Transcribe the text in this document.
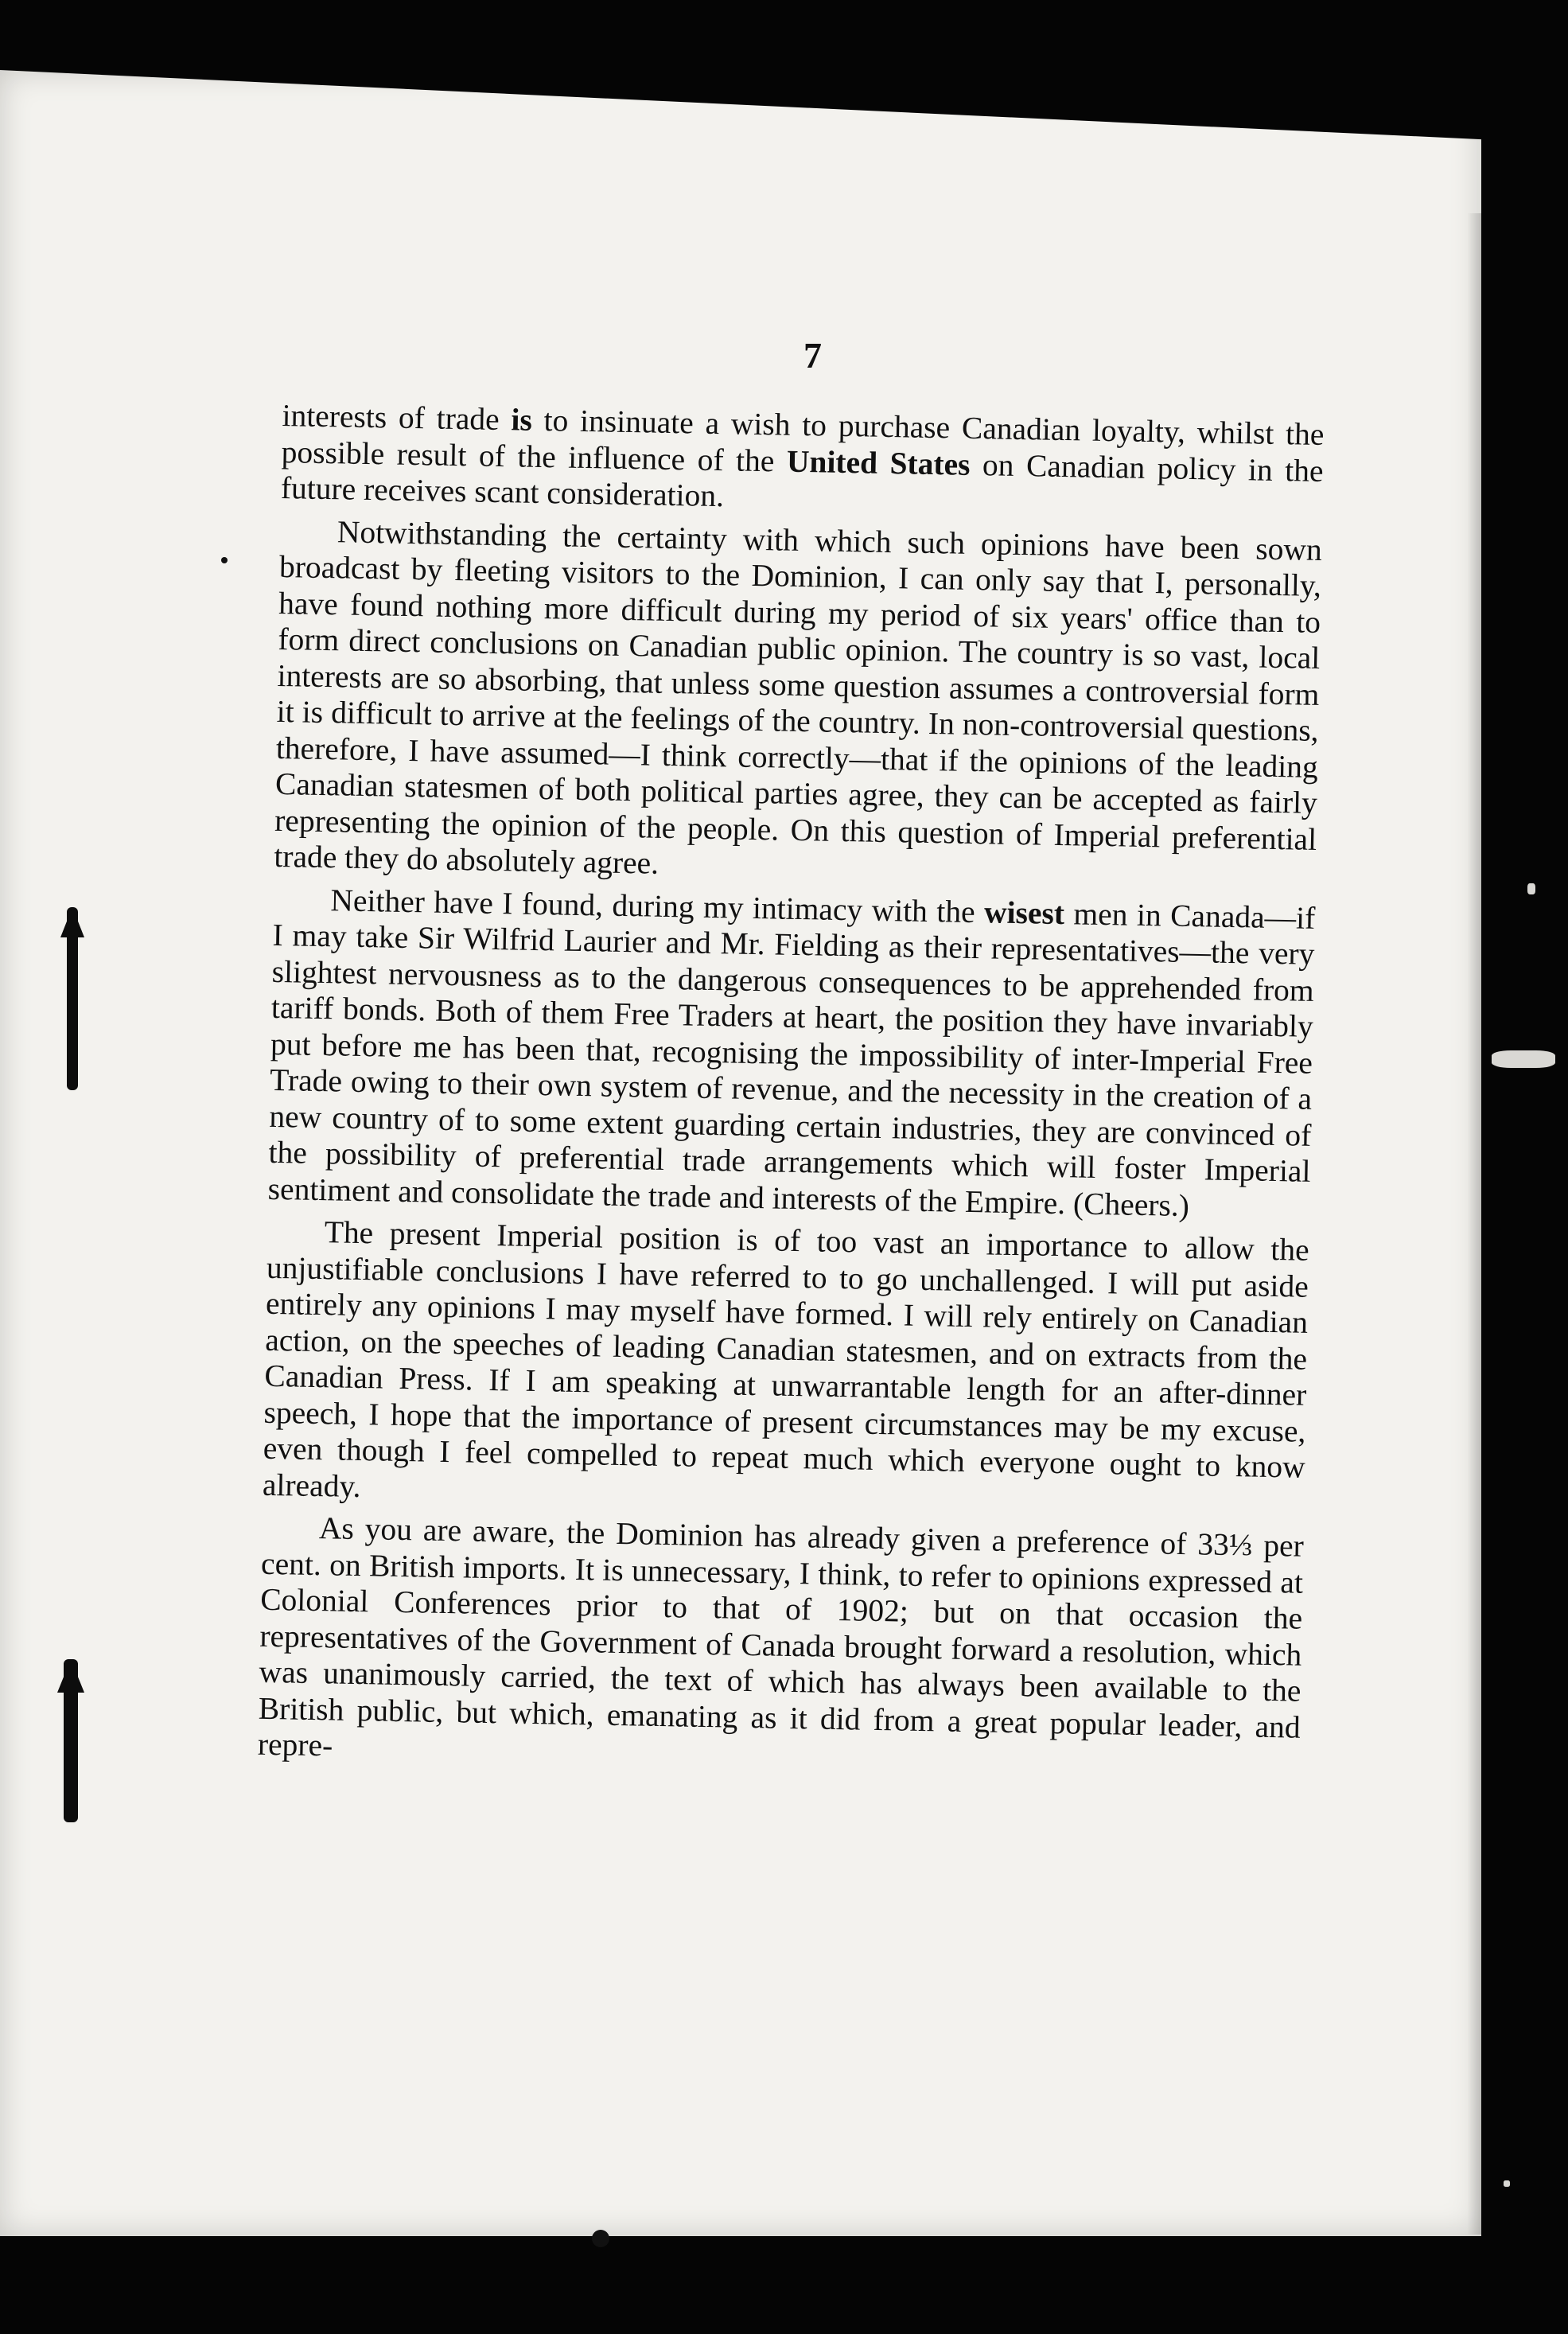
7

interests of trade is to insinuate a wish to purchase Canadian loyalty, whilst the possible result of the influence of the United States on Canadian policy in the future receives scant consideration.

Notwithstanding the certainty with which such opinions have been sown broadcast by fleeting visitors to the Dominion, I can only say that I, personally, have found nothing more difficult during my period of six years' office than to form direct conclusions on Canadian public opinion. The country is so vast, local interests are so absorbing, that unless some question assumes a controversial form it is difficult to arrive at the feelings of the country. In non-controversial questions, therefore, I have assumed—I think correctly—that if the opinions of the leading Canadian statesmen of both political parties agree, they can be accepted as fairly representing the opinion of the people. On this question of Imperial preferential trade they do absolutely agree.

Neither have I found, during my intimacy with the wisest men in Canada—if I may take Sir Wilfrid Laurier and Mr. Fielding as their representatives—the very slightest nervousness as to the dangerous consequences to be apprehended from tariff bonds. Both of them Free Traders at heart, the position they have invariably put before me has been that, recognising the impossibility of inter-Imperial Free Trade owing to their own system of revenue, and the necessity in the creation of a new country of to some extent guarding certain industries, they are convinced of the possibility of preferential trade arrangements which will foster Imperial sentiment and consolidate the trade and interests of the Empire. (Cheers.)

The present Imperial position is of too vast an importance to allow the unjustifiable conclusions I have referred to to go unchallenged. I will put aside entirely any opinions I may myself have formed. I will rely entirely on Canadian action, on the speeches of leading Canadian statesmen, and on extracts from the Canadian Press. If I am speaking at unwarrantable length for an after-dinner speech, I hope that the importance of present circumstances may be my excuse, even though I feel compelled to repeat much which everyone ought to know already.

As you are aware, the Dominion has already given a preference of 33⅓ per cent. on British imports. It is unnecessary, I think, to refer to opinions expressed at Colonial Conferences prior to that of 1902; but on that occasion the representatives of the Government of Canada brought forward a resolution, which was unanimously carried, the text of which has always been available to the British public, but which, emanating as it did from a great popular leader, and repre-
